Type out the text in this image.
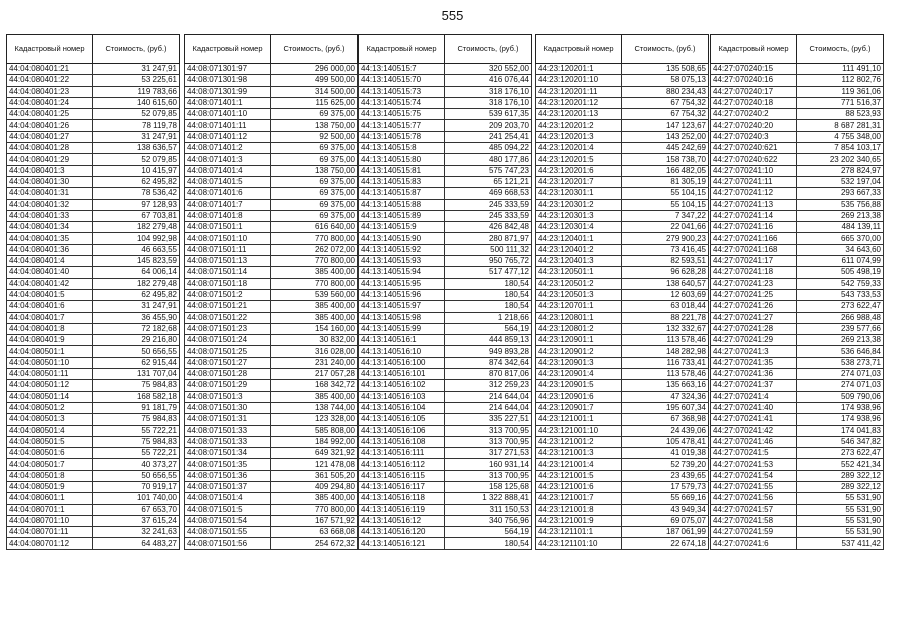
555
Кадастровый номер	Стоимость, (руб.)
44:04:080401:21	31 247,91
44:04:080401:22	53 225,61
44:04:080401:23	119 783,66
44:04:080401:24	140 615,60
44:04:080401:25	52 079,85
44:04:080401:26	78 119,78
44:04:080401:27	31 247,91
44:04:080401:28	138 636,57
44:04:080401:29	52 079,85
44:04:080401:3	10 415,97
44:04:080401:30	62 495,82
44:04:080401:31	78 536,42
44:04:080401:32	97 128,93
44:04:080401:33	67 703,81
44:04:080401:34	182 279,48
44:04:080401:35	104 992,98
44:04:080401:36	46 663,55
44:04:080401:4	145 823,59
44:04:080401:40	64 006,14
44:04:080401:42	182 279,48
44:04:080401:5	62 495,82
44:04:080401:6	31 247,91
44:04:080401:7	36 455,90
44:04:080401:8	72 182,68
44:04:080401:9	29 216,80
44:04:080501:1	50 656,55
44:04:080501:10	62 915,44
44:04:080501:11	131 707,04
44:04:080501:12	75 984,83
44:04:080501:14	168 582,18
44:04:080501:2	91 181,79
44:04:080501:3	75 984,83
44:04:080501:4	55 722,21
44:04:080501:5	75 984,83
44:04:080501:6	55 722,21
44:04:080501:7	40 373,27
44:04:080501:8	50 656,55
44:04:080501:9	70 919,17
44:04:080601:1	101 740,00
44:04:080701:1	67 653,70
44:04:080701:10	37 615,24
44:04:080701:11	32 241,63
44:04:080701:12	64 483,27
Кадастровый номер	Стоимость, (руб.)
44:08:071301:97	296 000,00
44:08:071301:98	499 500,00
44:08:071301:99	314 500,00
44:08:071401:1	115 625,00
44:08:071401:10	69 375,00
44:08:071401:11	138 750,00
44:08:071401:12	92 500,00
44:08:071401:2	69 375,00
44:08:071401:3	69 375,00
44:08:071401:4	138 750,00
44:08:071401:5	69 375,00
44:08:071401:6	69 375,00
44:08:071401:7	69 375,00
44:08:071401:8	69 375,00
44:08:071501:1	616 640,00
44:08:071501:10	770 800,00
44:08:071501:11	262 072,00
44:08:071501:13	770 800,00
44:08:071501:14	385 400,00
44:08:071501:18	770 800,00
44:08:071501:2	539 560,00
44:08:071501:21	385 400,00
44:08:071501:22	385 400,00
44:08:071501:23	154 160,00
44:08:071501:24	30 832,00
44:08:071501:25	316 028,00
44:08:071501:27	231 240,00
44:08:071501:28	217 057,28
44:08:071501:29	168 342,72
44:08:071501:3	385 400,00
44:08:071501:30	138 744,00
44:08:071501:31	123 328,00
44:08:071501:33	585 808,00
44:08:071501:33	184 992,00
44:08:071501:34	649 321,92
44:08:071501:35	121 478,08
44:08:071501:36	361 505,20
44:08:071501:37	409 294,80
44:08:071501:4	385 400,00
44:08:071501:5	770 800,00
44:08:071501:54	167 571,92
44:08:071501:55	63 668,08
44:08:071501:56	254 672,32
Кадастровый номер	Стоимость, (руб.)
44:13:140515:7	320 552,00
44:13:140515:70	416 076,44
44:13:140515:73	318 176,10
44:13:140515:74	318 176,10
44:13:140515:75	539 617,35
44:13:140515:77	209 203,70
44:13:140515:78	241 254,41
44:13:140515:8	485 094,22
44:13:140515:80	480 177,86
44:13:140515:81	575 747,23
44:13:140515:83	65 121,21
44:13:140515:87	469 668,53
44:13:140515:88	245 333,59
44:13:140515:89	245 333,59
44:13:140515:9	426 842,48
44:13:140515:90	280 871,97
44:13:140515:92	500 111,32
44:13:140515:93	950 765,72
44:13:140515:94	517 477,12
44:13:140515:95	180,54
44:13:140515:96	180,54
44:13:140515:97	180,54
44:13:140515:98	1 218,66
44:13:140515:99	564,19
44:13:140516:1	444 859,13
44:13:140516:10	949 893,28
44:13:140516:100	874 342,64
44:13:140516:101	870 817,06
44:13:140516:102	312 259,23
44:13:140516:103	214 644,04
44:13:140516:104	214 644,04
44:13:140516:105	335 227,51
44:13:140516:106	313 700,95
44:13:140516:108	313 700,95
44:13:140516:111	317 271,53
44:13:140516:112	160 931,14
44:13:140516:115	313 700,95
44:13:140516:117	158 125,68
44:13:140516:118	1 322 888,41
44:13:140516:119	311 150,53
44:13:140516:12	340 756,96
44:13:140516:120	564,19
44:13:140516:121	180,54
Кадастровый номер	Стоимость, (руб.)
44:23:120201:1	135 508,65
44:23:120201:10	58 075,13
44:23:120201:11	880 234,43
44:23:120201:12	67 754,32
44:23:120201:13	67 754,32
44:23:120201:2	147 123,67
44:23:120201:3	143 252,00
44:23:120201:4	445 242,69
44:23:120201:5	158 738,70
44:23:120201:6	166 482,05
44:23:120201:7	81 305,19
44:23:120301:1	55 104,15
44:23:120301:2	55 104,15
44:23:120301:3	7 347,22
44:23:120301:4	22 041,66
44:23:120401:1	279 900,23
44:23:120401:2	73 416,45
44:23:120401:3	82 593,51
44:23:120501:1	96 628,28
44:23:120501:2	138 640,57
44:23:120501:3	12 603,69
44:23:120701:1	63 018,44
44:23:120801:1	88 221,78
44:23:120801:2	132 332,67
44:23:120901:1	113 578,46
44:23:120901:2	148 282,98
44:23:120901:3	116 733,41
44:23:120901:4	113 578,46
44:23:120901:5	135 663,16
44:23:120901:6	47 324,36
44:23:120901:7	195 607,34
44:23:121001:1	67 368,98
44:23:121001:10	24 439,06
44:23:121001:2	105 478,41
44:23:121001:3	41 019,38
44:23:121001:4	52 739,20
44:23:121001:5	23 439,65
44:23:121001:6	17 579,73
44:23:121001:7	55 669,16
44:23:121001:8	43 949,34
44:23:121001:9	69 075,07
44:23:121101:1	187 061,99
44:23:121101:10	22 674,18
Кадастровый номер	Стоимость, (руб.)
44:27:070240:15	111 491,10
44:27:070240:16	112 802,76
44:27:070240:17	119 361,06
44:27:070240:18	771 516,37
44:27:070240:2	88 523,93
44:27:070240:20	8 687 281,31
44:27:070240:3	4 755 348,00
44:27:070240:621	7 854 103,17
44:27:070240:622	23 202 340,65
44:27:070241:10	278 824,97
44:27:070241:11	532 197,04
44:27:070241:12	293 667,33
44:27:070241:13	535 756,88
44:27:070241:14	269 213,38
44:27:070241:16	484 139,11
44:27:070241:166	665 370,00
44:27:070241:168	34 643,60
44:27:070241:17	611 074,99
44:27:070241:18	505 498,19
44:27:070241:23	542 759,33
44:27:070241:25	543 733,53
44:27:070241:26	273 622,47
44:27:070241:27	266 988,48
44:27:070241:28	239 577,66
44:27:070241:29	269 213,38
44:27:070241:3	536 646,84
44:27:070241:35	538 273,71
44:27:070241:36	274 071,03
44:27:070241:37	274 071,03
44:27:070241:4	509 790,06
44:27:070241:40	174 938,96
44:27:070241:41	174 938,96
44:27:070241:42	174 041,83
44:27:070241:46	546 347,82
44:27:070241:5	273 622,47
44:27:070241:53	552 421,34
44:27:070241:54	289 322,12
44:27:070241:55	289 322,12
44:27:070241:56	55 531,90
44:27:070241:57	55 531,90
44:27:070241:58	55 531,90
44:27:070241:59	55 531,90
44:27:070241:6	537 411,42
